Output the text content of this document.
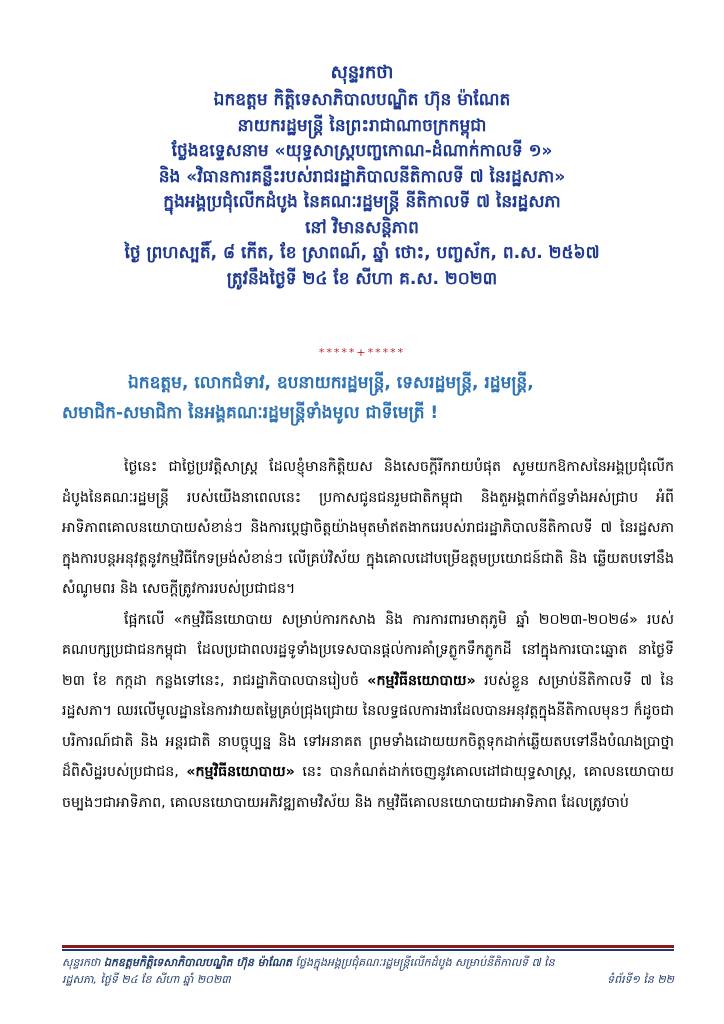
សុន្ទរកថា
ឯកឧត្តម កិត្តិទេសាភិបាលបណ្ឌិត ហ៊ុន ម៉ាណែត
នាយករដ្ឋមន្ត្រី នៃព្រះរាជាណាចក្រកម្ពុជា
ថ្លែងឧទ្ទេសនាម «យុទ្ធសាស្ត្របញ្ចកោណ-ដំណាក់កាលទី ១»
និង «វិធានការគន្លឹះរបស់រាជរដ្ឋាភិបាលនីតិកាលទី ៧ នៃរដ្ឋសភា»
ក្នុងអង្គប្រជុំលើកដំបូង នៃគណៈរដ្ឋមន្ត្រី នីតិកាលទី ៧ នៃរដ្ឋសភា
នៅ វិមានសន្តិភាព
ថ្ងៃ ព្រហស្បតិ៍, ៨ កើត, ខែ ស្រាពណ៍, ឆ្នាំ ថោះ, បញ្ចស័ក, ព.ស. ២៥៦៧
ត្រូវនឹងថ្ងៃទី ២៤ ខែ សីហា គ.ស. ២០២៣
*****+*****
ឯកឧត្តម, លោកជំទាវ, ឧបនាយករដ្ឋមន្ត្រី, ទេសរដ្ឋមន្ត្រី, រដ្ឋមន្ត្រី,
សមាជិក-សមាជិកា នៃអង្គគណៈរដ្ឋមន្ត្រីទាំងមូល ជាទីមេត្រី !

ថ្ងៃនេះ ជាថ្ងៃប្រវត្តិសាស្ត្រ ដែលខ្ញុំមានកិត្តិយស និងសេចក្តីរីករាយបំផុត សូមយកឱកាសនៃអង្គប្រជុំលើកដំបូងនៃគណៈរដ្ឋមន្ត្រី របស់យើងនាពេលនេះ ប្រកាសជូនជនរួមជាតិកម្ពុជា និងតួអង្គពាក់ព័ន្ធទាំងអស់ជ្រាប អំពីអាទិភាពគោលនយោបាយសំខាន់ៗ និងការប្តេជ្ញាចិត្តយ៉ាងមុតមាំឥតងាករេរបស់រាជរដ្ឋាភិបាលនីតិកាលទី ៧ នៃរដ្ឋសភា ក្នុងការបន្តអនុវត្តនូវកម្មវិធីកែទម្រង់សំខាន់ៗ លើគ្រប់វិស័យ ក្នុងគោលដៅបម្រើឧត្តមប្រយោជន៍ជាតិ និង ឆ្លើយតបទៅនឹងសំណូមពរ និង សេចក្តីត្រូវការរបស់ប្រជាជន។

ផ្អែកលើ «កម្មវិធីនយោបាយ សម្រាប់ការកសាង និង ការការពារមាតុភូមិ ឆ្នាំ ២០២៣-២០២៨» របស់គណបក្សប្រជាជនកម្ពុជា ដែលប្រជាពលរដ្ឋទូទាំងប្រទេសបានផ្តល់ការគាំទ្រភ្លូកទឹកភ្លូកដី នៅក្នុងការបោះឆ្នោត នាថ្ងៃទី ២៣ ខែ កក្កដា កន្លងទៅនេះ, រាជរដ្ឋាភិបាលបានរៀបចំ «កម្មវិធីនយោបាយ» របស់ខ្លួន សម្រាប់នីតិកាលទី ៧ នៃរដ្ឋសភា។ ឈរលើមូលដ្ឋាននៃការវាយតម្លៃគ្រប់ជ្រុងជ្រោយ នៃលទ្ធផលការងារដែលបានអនុវត្តក្នុងនីតិកាលមុនៗ ក៏ដូចជាបរិការណ៍ជាតិ និង អន្តរជាតិ នាបច្ចុប្បន្ន និង ទៅអនាគត ព្រមទាំងដោយយកចិត្តទុកដាក់ឆ្លើយតបទៅនឹងបំណងប្រាថ្នាដ៏ពិសិដ្ឋរបស់ប្រជាជន, «កម្មវិធីនយោបាយ» នេះ បានកំណត់ដាក់ចេញនូវគោលដៅជាយុទ្ធសាស្ត្រ, គោលនយោបាយចម្បងៗជាអាទិភាព, គោលនយោបាយអភិវឌ្ឍតាមវិស័យ និង កម្មវិធីគោលនយោបាយជាអាទិភាព ដែលត្រូវចាប់

សុន្ទរកថា ឯកឧត្តមកិត្តិទេសាភិបាលបណ្ឌិត ហ៊ុន ម៉ាណែត ថ្លែងក្នុងអង្គប្រជុំគណៈរដ្ឋមន្ត្រីលើកដំបូង សម្រាប់នីតិកាលទី ៧ នៃ
រដ្ឋសភា, ថ្ងៃទី ២៤ ខែ សីហា ឆ្នាំ ២០២៣	ទំព័រទី១ នៃ ២២
